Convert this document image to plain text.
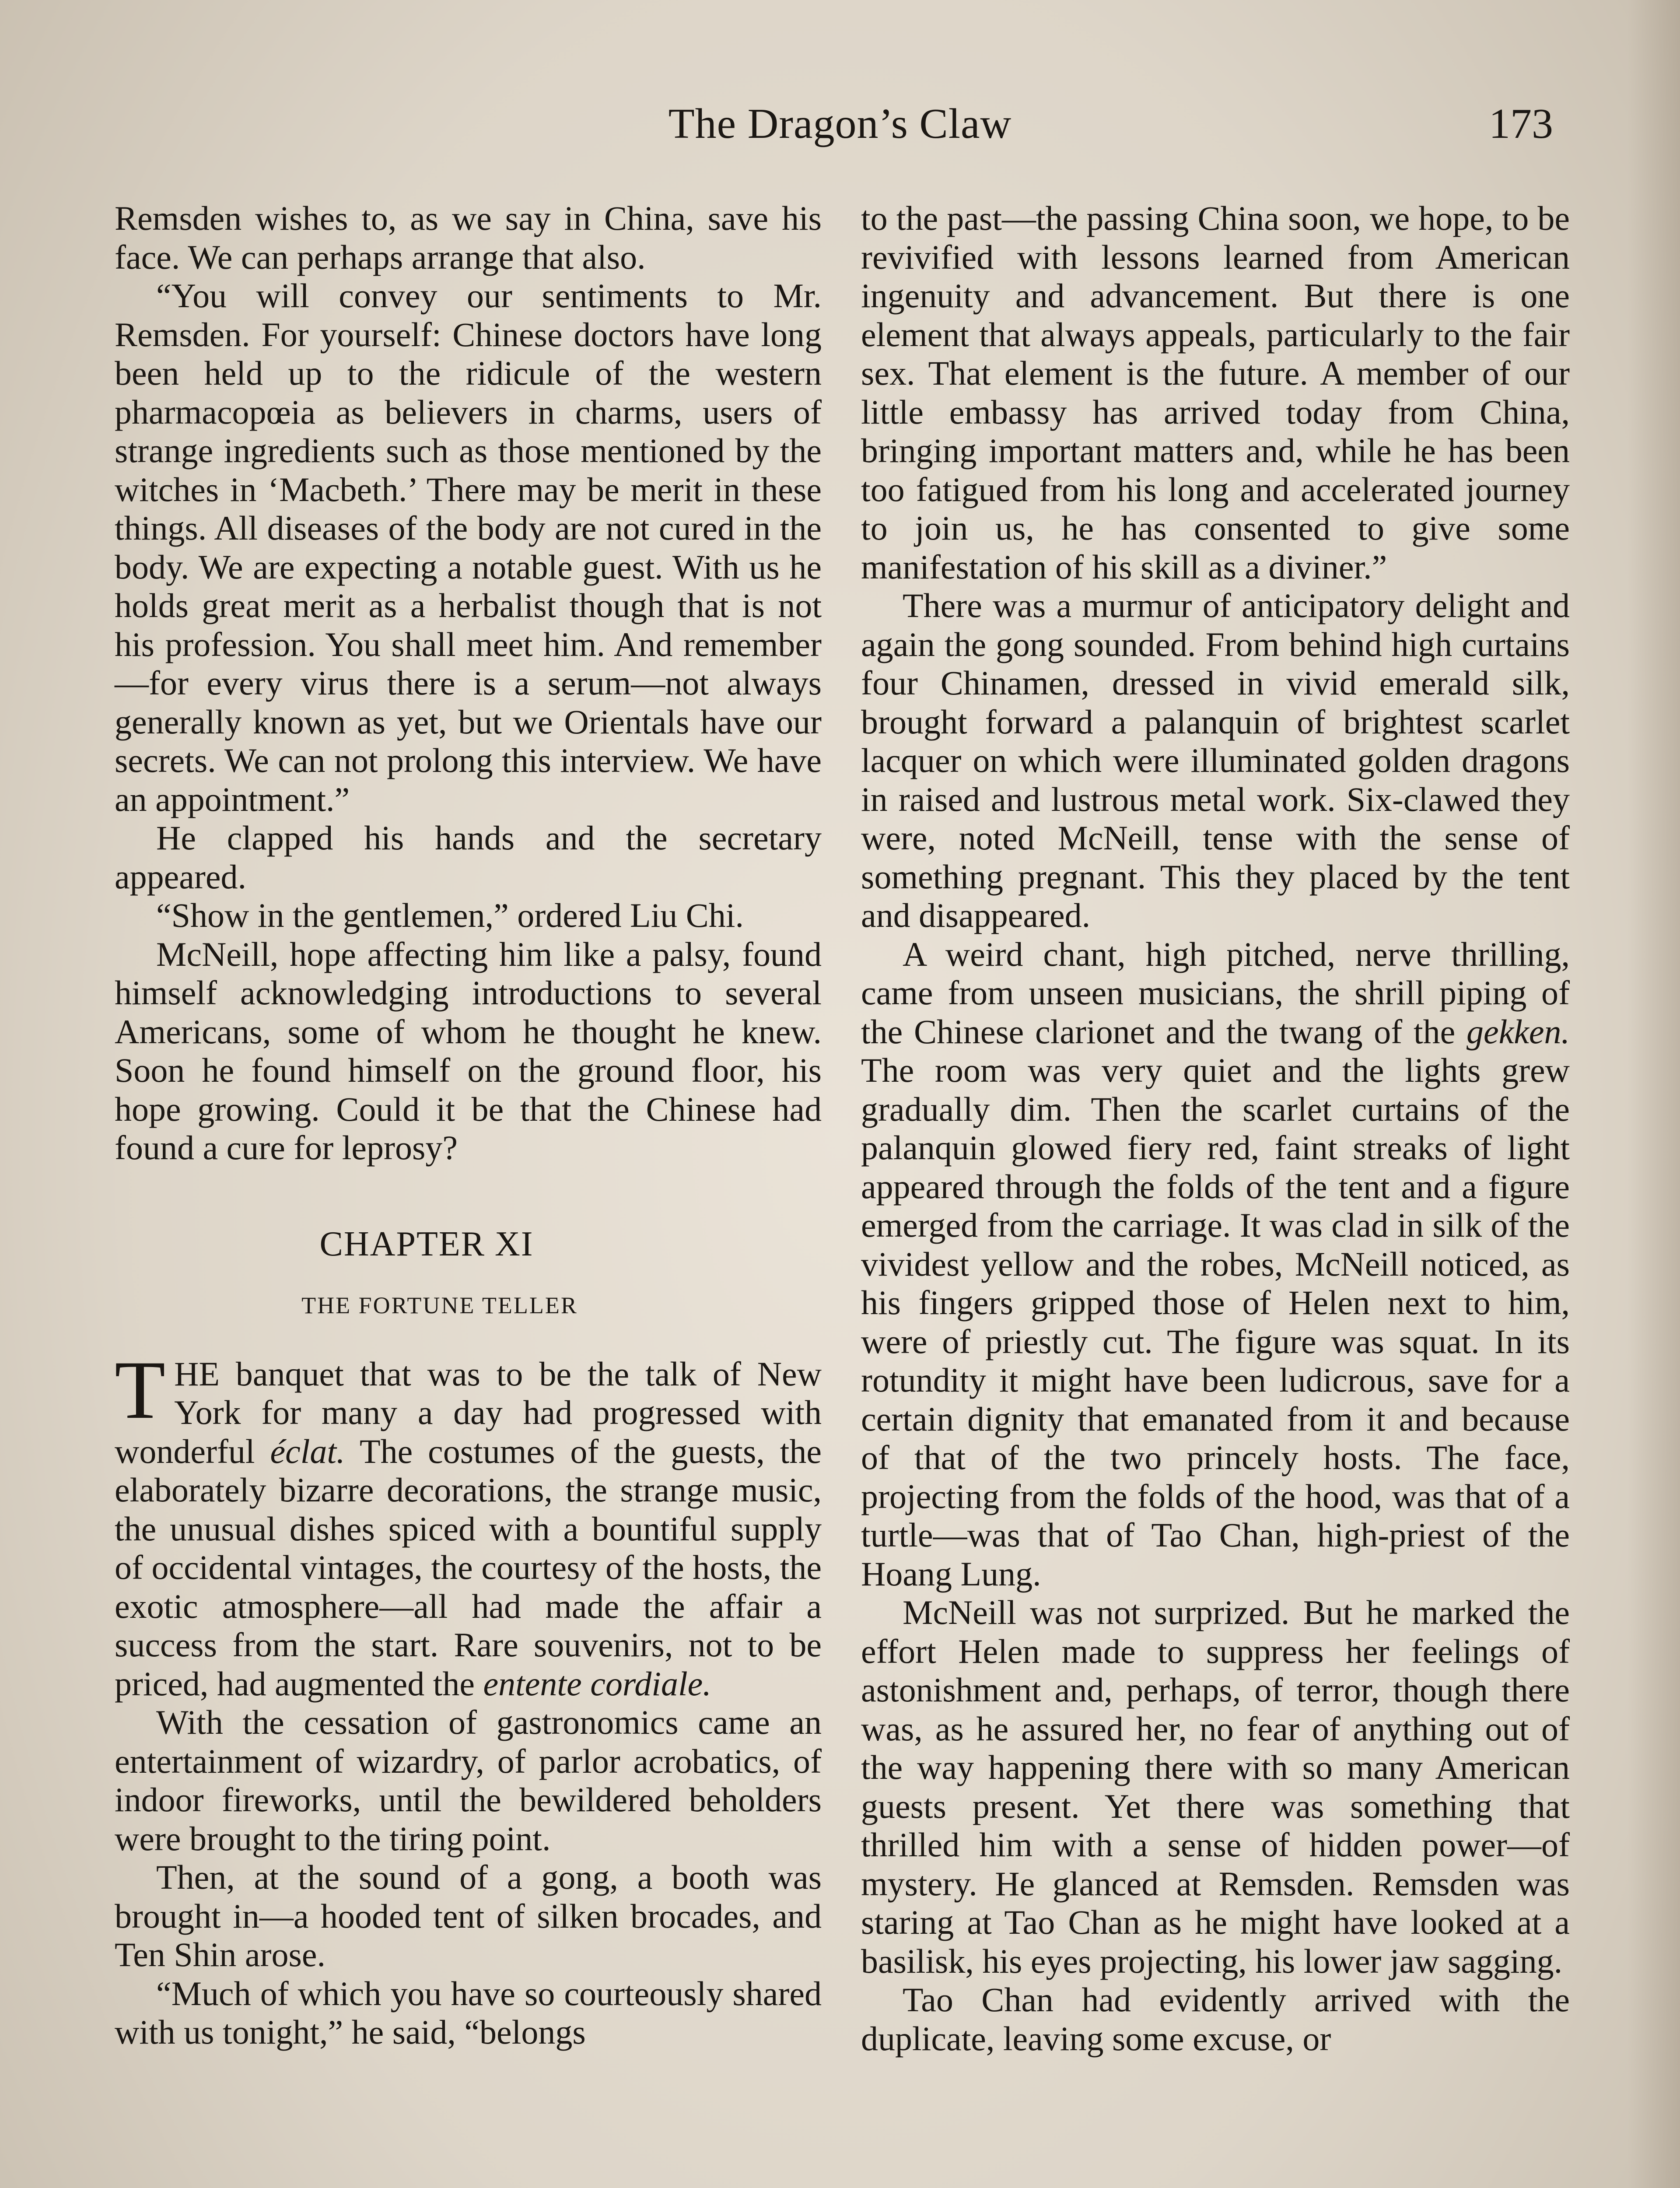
The Dragon’s Claw	173

Remsden wishes to, as we say in China, save his face. We can perhaps arrange that also.

“You will convey our sentiments to Mr. Remsden. For yourself: Chinese doctors have long been held up to the ridicule of the western pharmacopœia as believers in charms, users of strange ingredients such as those mentioned by the witches in ‘Macbeth.’ There may be merit in these things. All diseases of the body are not cured in the body. We are expecting a notable guest. With us he holds great merit as a herbalist though that is not his profession. You shall meet him. And remember—for every virus there is a serum—not always generally known as yet, but we Orientals have our secrets. We can not prolong this interview. We have an appointment.”

He clapped his hands and the secretary appeared.

“Show in the gentlemen,” ordered Liu Chi.

McNeill, hope affecting him like a palsy, found himself acknowledging introductions to several Americans, some of whom he thought he knew. Soon he found himself on the ground floor, his hope growing. Could it be that the Chinese had found a cure for leprosy?

CHAPTER XI
THE FORTUNE TELLER

THE banquet that was to be the talk of New York for many a day had progressed with wonderful éclat. The costumes of the guests, the elaborately bizarre decorations, the strange music, the unusual dishes spiced with a bountiful supply of occidental vintages, the courtesy of the hosts, the exotic atmosphere—all had made the affair a success from the start. Rare souvenirs, not to be priced, had augmented the entente cordiale.

With the cessation of gastronomics came an entertainment of wizardry, of parlor acrobatics, of indoor fireworks, until the bewildered beholders were brought to the tiring point.

Then, at the sound of a gong, a booth was brought in—a hooded tent of silken brocades, and Ten Shin arose.

“Much of which you have so courteously shared with us tonight,” he said, “belongs

to the past—the passing China soon, we hope, to be revivified with lessons learned from American ingenuity and advancement. But there is one element that always appeals, particularly to the fair sex. That element is the future. A member of our little embassy has arrived today from China, bringing important matters and, while he has been too fatigued from his long and accelerated journey to join us, he has consented to give some manifestation of his skill as a diviner.”

There was a murmur of anticipatory delight and again the gong sounded. From behind high curtains four Chinamen, dressed in vivid emerald silk, brought forward a palanquin of brightest scarlet lacquer on which were illuminated golden dragons in raised and lustrous metal work. Six-clawed they were, noted McNeill, tense with the sense of something pregnant. This they placed by the tent and disappeared.

A weird chant, high pitched, nerve thrilling, came from unseen musicians, the shrill piping of the Chinese clarionet and the twang of the gekken. The room was very quiet and the lights grew gradually dim. Then the scarlet curtains of the palanquin glowed fiery red, faint streaks of light appeared through the folds of the tent and a figure emerged from the carriage. It was clad in silk of the vividest yellow and the robes, McNeill noticed, as his fingers gripped those of Helen next to him, were of priestly cut. The figure was squat. In its rotundity it might have been ludicrous, save for a certain dignity that emanated from it and because of that of the two princely hosts. The face, projecting from the folds of the hood, was that of a turtle—was that of Tao Chan, high-priest of the Hoang Lung.

McNeill was not surprized. But he marked the effort Helen made to suppress her feelings of astonishment and, perhaps, of terror, though there was, as he assured her, no fear of anything out of the way happening there with so many American guests present. Yet there was something that thrilled him with a sense of hidden power—of mystery. He glanced at Remsden. Remsden was staring at Tao Chan as he might have looked at a basilisk, his eyes projecting, his lower jaw sagging.

Tao Chan had evidently arrived with the duplicate, leaving some excuse, or
